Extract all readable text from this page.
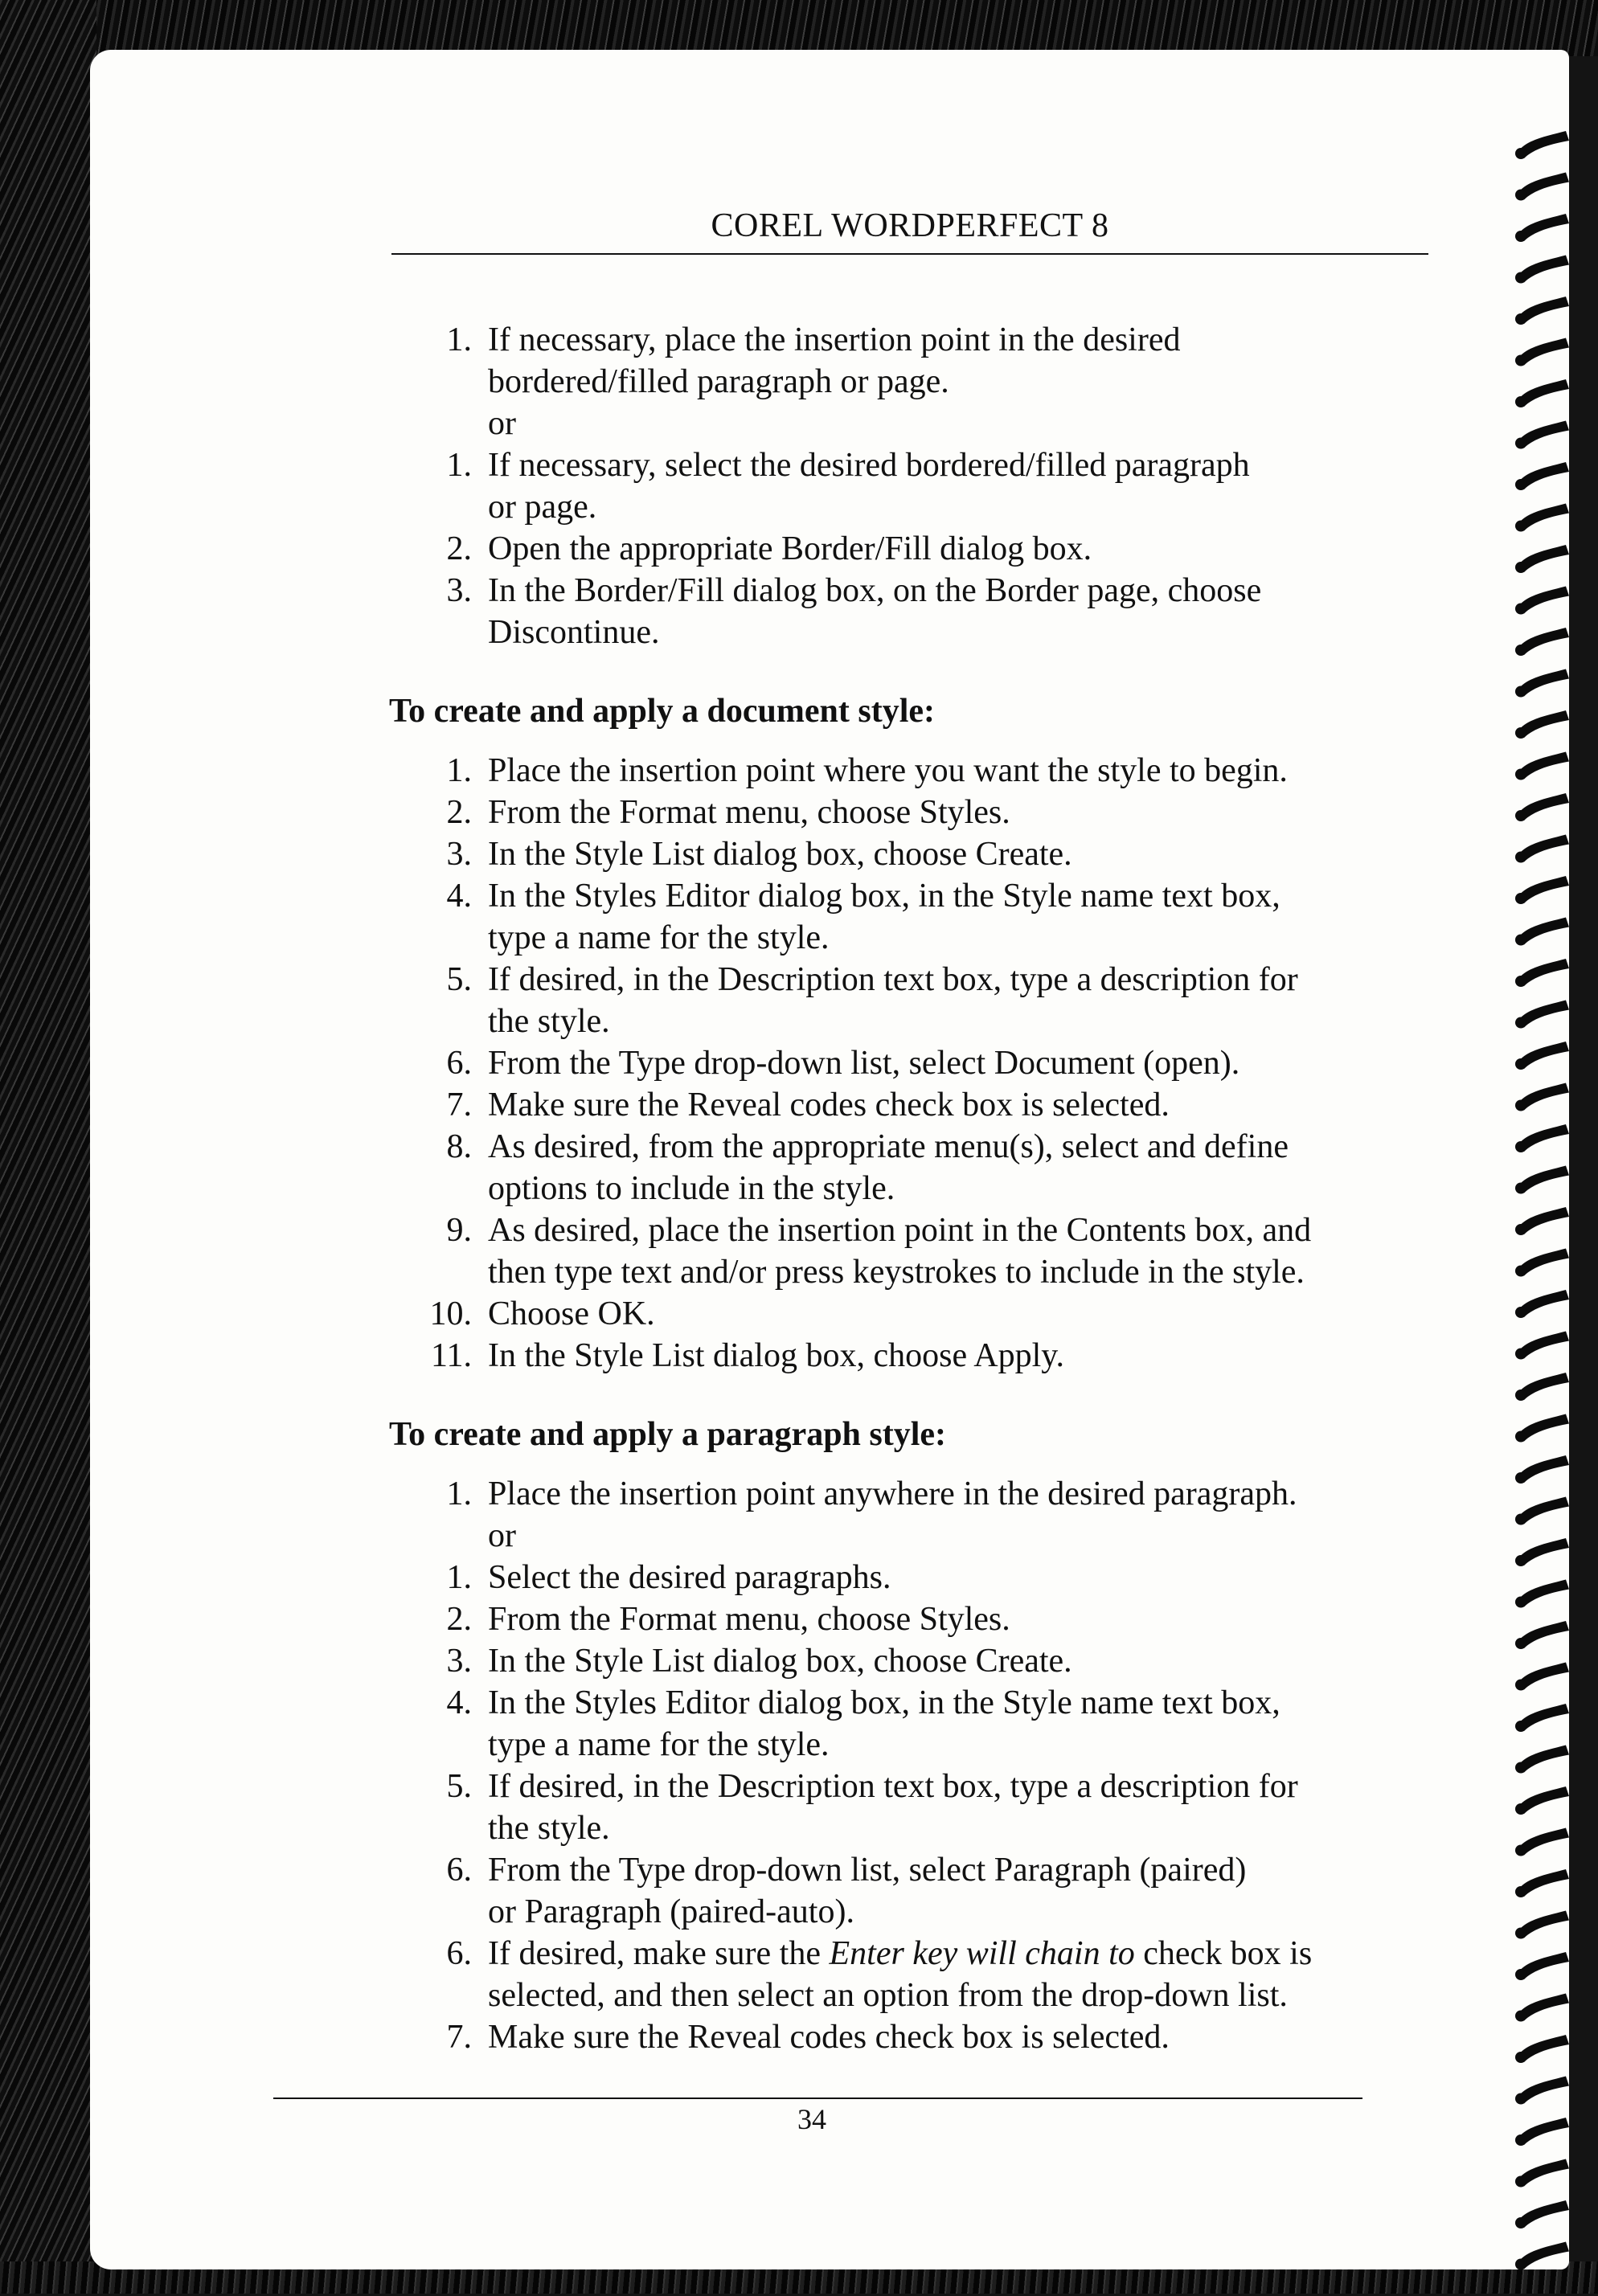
COREL WORDPERFECT 8
1. If necessary, place the insertion point in the desired
bordered/filled paragraph or page.
or
1. If necessary, select the desired bordered/filled paragraph
or page.
2. Open the appropriate Border/Fill dialog box.
3. In the Border/Fill dialog box, on the Border page, choose
Discontinue.
To create and apply a document style:
1. Place the insertion point where you want the style to begin.
2. From the Format menu, choose Styles.
3. In the Style List dialog box, choose Create.
4. In the Styles Editor dialog box, in the Style name text box,
type a name for the style.
5. If desired, in the Description text box, type a description for
the style.
6. From the Type drop-down list, select Document (open).
7. Make sure the Reveal codes check box is selected.
8. As desired, from the appropriate menu(s), select and define
options to include in the style.
9. As desired, place the insertion point in the Contents box, and
then type text and/or press keystrokes to include in the style.
10. Choose OK.
11. In the Style List dialog box, choose Apply.
To create and apply a paragraph style:
1. Place the insertion point anywhere in the desired paragraph.
or
1. Select the desired paragraphs.
2. From the Format menu, choose Styles.
3. In the Style List dialog box, choose Create.
4. In the Styles Editor dialog box, in the Style name text box,
type a name for the style.
5. If desired, in the Description text box, type a description for
the style.
6. From the Type drop-down list, select Paragraph (paired)
or Paragraph (paired-auto).
6. If desired, make sure the Enter key will chain to check box is
selected, and then select an option from the drop-down list.
7. Make sure the Reveal codes check box is selected.
34
